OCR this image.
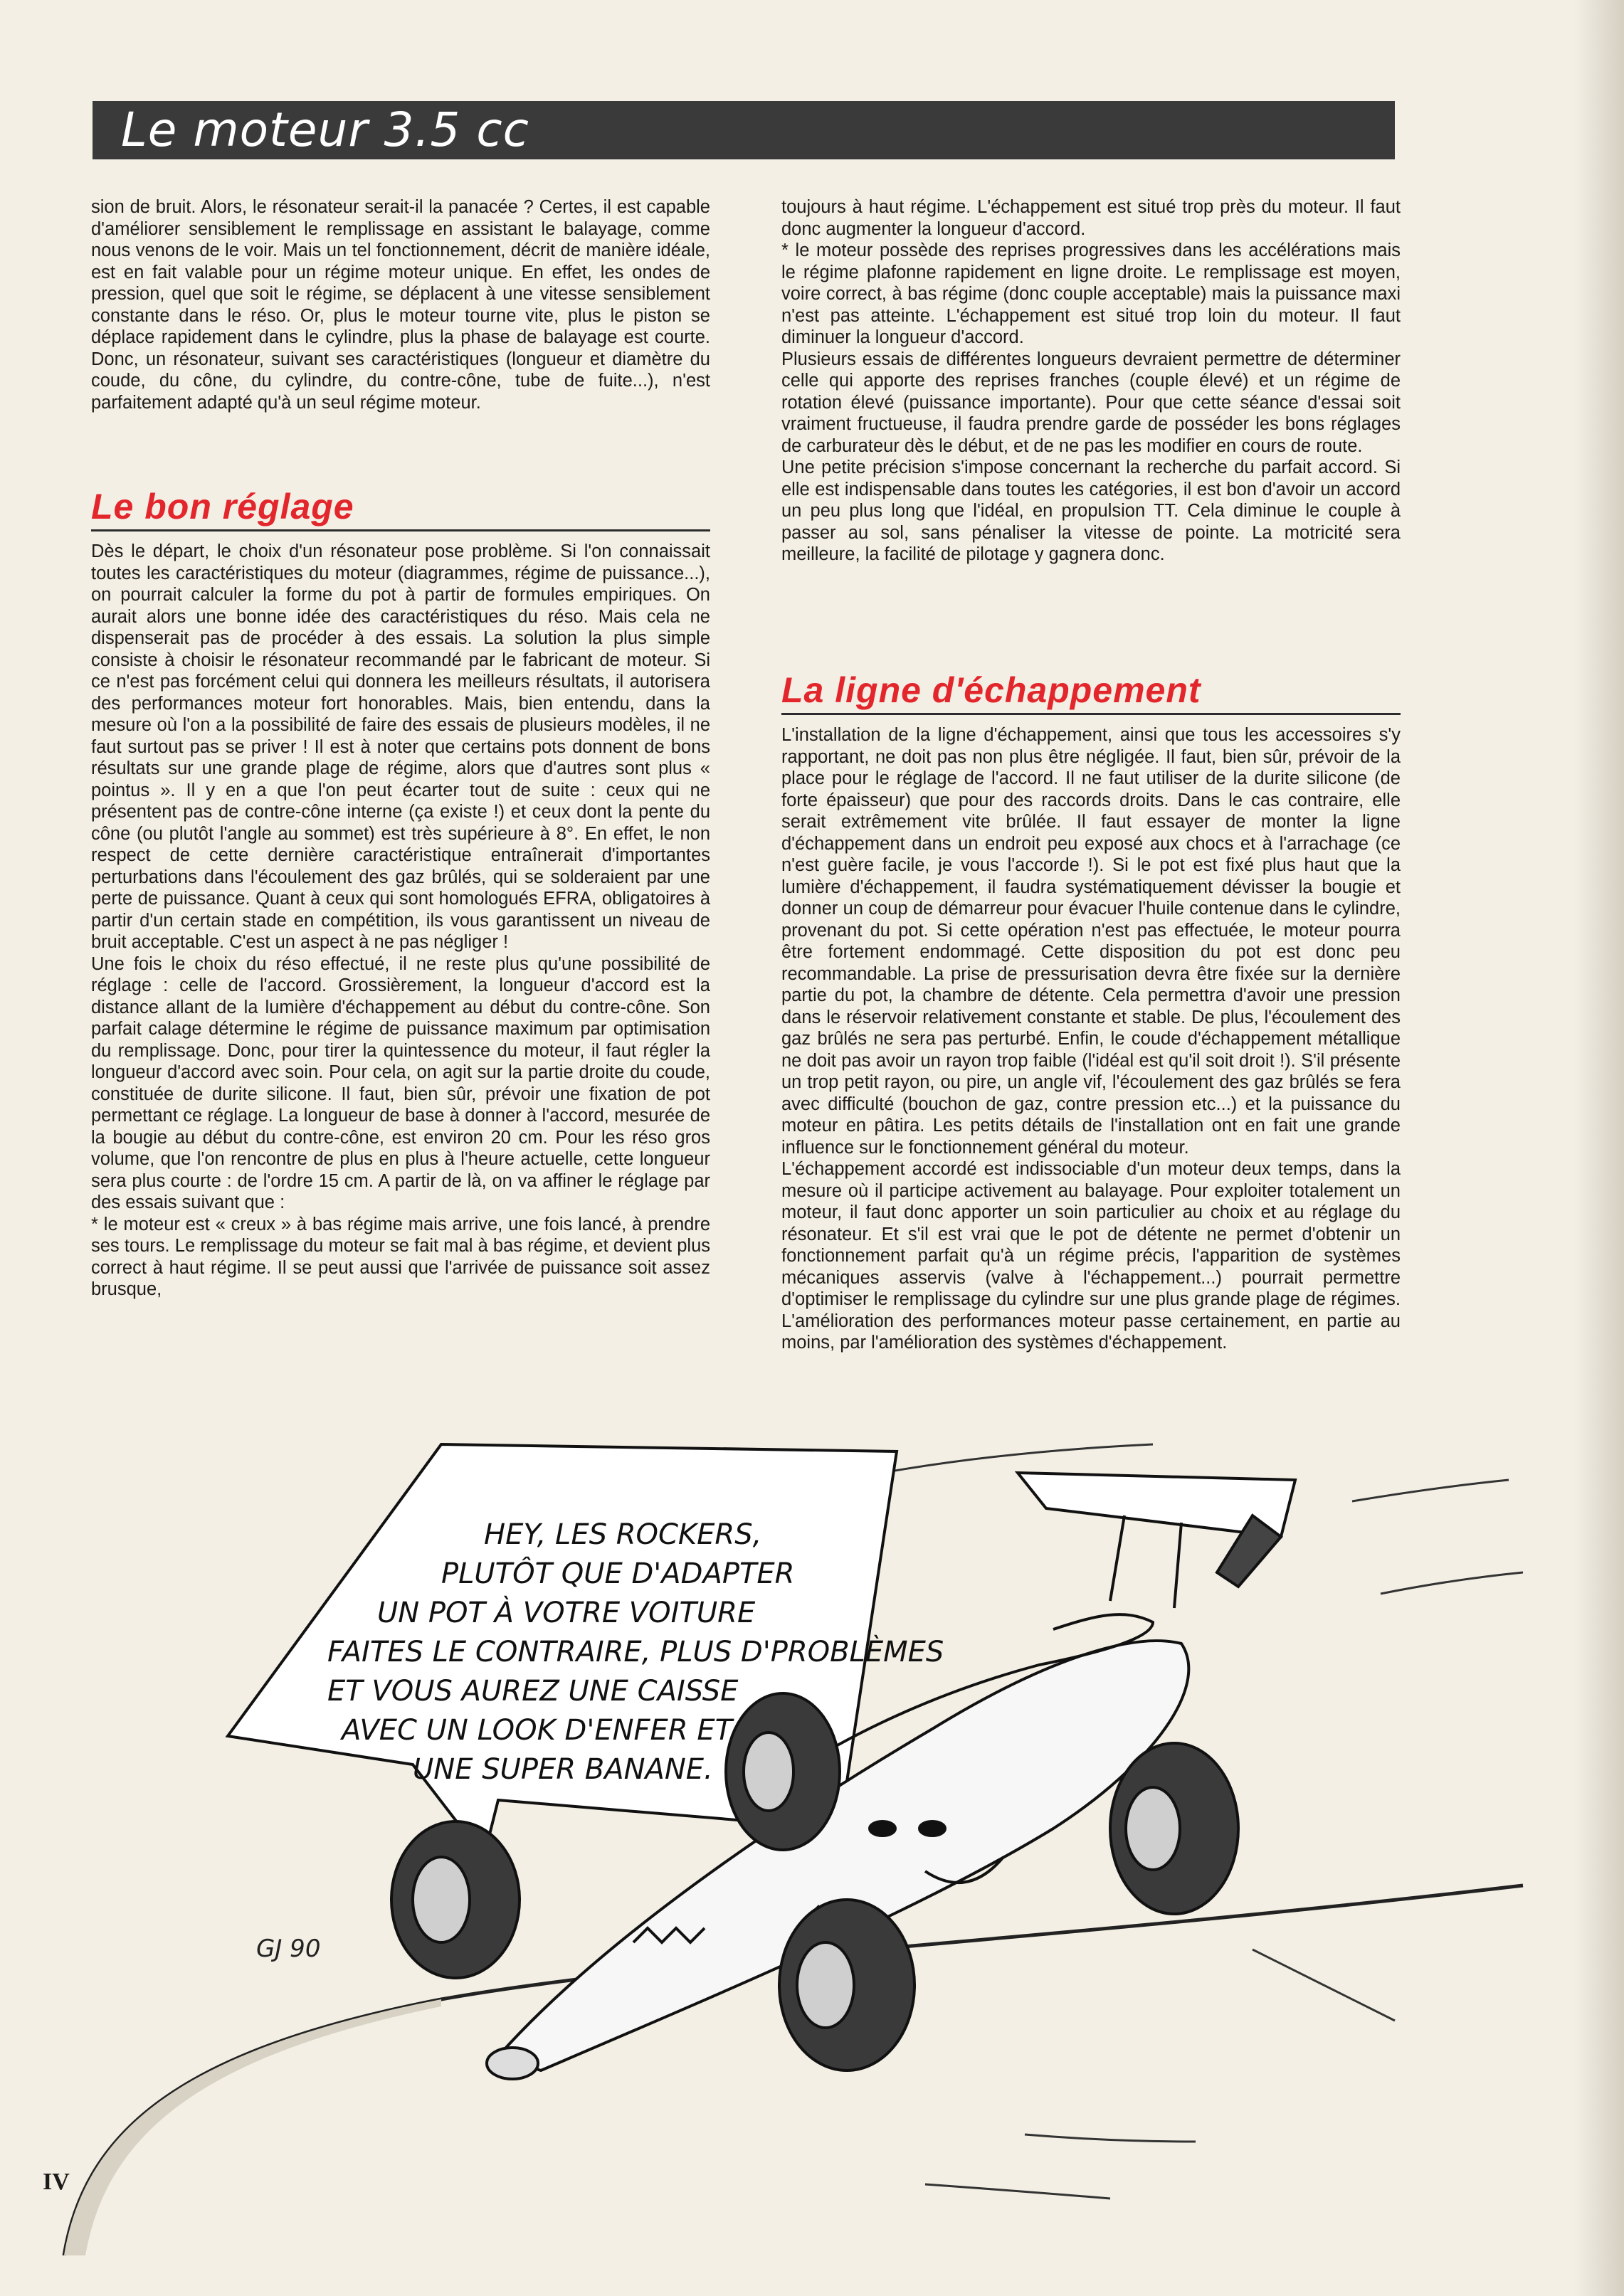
Le moteur 3.5 cc

sion de bruit. Alors, le résonateur serait-il la panacée ? Certes, il est capable d'améliorer sensiblement le remplissage en assistant le balayage, comme nous venons de le voir. Mais un tel fonctionnement, décrit de manière idéale, est en fait valable pour un régime moteur unique. En effet, les ondes de pression, quel que soit le régime, se déplacent à une vitesse sensiblement constante dans le réso. Or, plus le moteur tourne vite, plus le piston se déplace rapidement dans le cylindre, plus la phase de balayage est courte. Donc, un résonateur, suivant ses caractéristiques (longueur et diamètre du coude, du cône, du cylindre, du contre-cône, tube de fuite...), n'est parfaitement adapté qu'à un seul régime moteur.

Le bon réglage

Dès le départ, le choix d'un résonateur pose problème. Si l'on connaissait toutes les caractéristiques du moteur (diagrammes, régime de puissance...), on pourrait calculer la forme du pot à partir de formules empiriques. On aurait alors une bonne idée des caractéristiques du réso. Mais cela ne dispenserait pas de procéder à des essais. La solution la plus simple consiste à choisir le résonateur recommandé par le fabricant de moteur. Si ce n'est pas forcément celui qui donnera les meilleurs résultats, il autorisera des performances moteur fort honorables. Mais, bien entendu, dans la mesure où l'on a la possibilité de faire des essais de plusieurs modèles, il ne faut surtout pas se priver ! Il est à noter que certains pots donnent de bons résultats sur une grande plage de régime, alors que d'autres sont plus « pointus ». Il y en a que l'on peut écarter tout de suite : ceux qui ne présentent pas de contre-cône interne (ça existe !) et ceux dont la pente du cône (ou plutôt l'angle au sommet) est très supérieure à 8°. En effet, le non respect de cette dernière caractéristique entraînerait d'importantes perturbations dans l'écoulement des gaz brûlés, qui se solderaient par une perte de puissance. Quant à ceux qui sont homologués EFRA, obligatoires à partir d'un certain stade en compétition, ils vous garantissent un niveau de bruit acceptable. C'est un aspect à ne pas négliger !

Une fois le choix du réso effectué, il ne reste plus qu'une possibilité de réglage : celle de l'accord. Grossièrement, la longueur d'accord est la distance allant de la lumière d'échappement au début du contre-cône. Son parfait calage détermine le régime de puissance maximum par optimisation du remplissage. Donc, pour tirer la quintessence du moteur, il faut régler la longueur d'accord avec soin. Pour cela, on agit sur la partie droite du coude, constituée de durite silicone. Il faut, bien sûr, prévoir une fixation de pot permettant ce réglage. La longueur de base à donner à l'accord, mesurée de la bougie au début du contre-cône, est environ 20 cm. Pour les réso gros volume, que l'on rencontre de plus en plus à l'heure actuelle, cette longueur sera plus courte : de l'ordre 15 cm. A partir de là, on va affiner le réglage par des essais suivant que :

* le moteur est « creux » à bas régime mais arrive, une fois lancé, à prendre ses tours. Le remplissage du moteur se fait mal à bas régime, et devient plus correct à haut régime. Il se peut aussi que l'arrivée de puissance soit assez brusque,

toujours à haut régime. L'échappement est situé trop près du moteur. Il faut donc augmenter la longueur d'accord.

* le moteur possède des reprises progressives dans les accélérations mais le régime plafonne rapidement en ligne droite. Le remplissage est moyen, voire correct, à bas régime (donc couple acceptable) mais la puissance maxi n'est pas atteinte. L'échappement est situé trop loin du moteur. Il faut diminuer la longueur d'accord.

Plusieurs essais de différentes longueurs devraient permettre de déterminer celle qui apporte des reprises franches (couple élevé) et un régime de rotation élevé (puissance importante). Pour que cette séance d'essai soit vraiment fructueuse, il faudra prendre garde de posséder les bons réglages de carburateur dès le début, et de ne pas les modifier en cours de route.

Une petite précision s'impose concernant la recherche du parfait accord. Si elle est indispensable dans toutes les catégories, il est bon d'avoir un accord un peu plus long que l'idéal, en propulsion TT. Cela diminue le couple à passer au sol, sans pénaliser la vitesse de pointe. La motricité sera meilleure, la facilité de pilotage y gagnera donc.

La ligne d'échappement

L'installation de la ligne d'échappement, ainsi que tous les accessoires s'y rapportant, ne doit pas non plus être négligée. Il faut, bien sûr, prévoir de la place pour le réglage de l'accord. Il ne faut utiliser de la durite silicone (de forte épaisseur) que pour des raccords droits. Dans le cas contraire, elle serait extrêmement vite brûlée. Il faut essayer de monter la ligne d'échappement dans un endroit peu exposé aux chocs et à l'arrachage (ce n'est guère facile, je vous l'accorde !). Si le pot est fixé plus haut que la lumière d'échappement, il faudra systématiquement dévisser la bougie et donner un coup de démarreur pour évacuer l'huile contenue dans le cylindre, provenant du pot. Si cette opération n'est pas effectuée, le moteur pourra être fortement endommagé. Cette disposition du pot est donc peu recommandable. La prise de pressurisation devra être fixée sur la dernière partie du pot, la chambre de détente. Cela permettra d'avoir une pression dans le réservoir relativement constante et stable. De plus, l'écoulement des gaz brûlés ne sera pas perturbé. Enfin, le coude d'échappement métallique ne doit pas avoir un rayon trop faible (l'idéal est qu'il soit droit !). S'il présente un trop petit rayon, ou pire, un angle vif, l'écoulement des gaz brûlés se fera avec difficulté (bouchon de gaz, contre pression etc...) et la puissance du moteur en pâtira. Les petits détails de l'installation ont en fait une grande influence sur le fonctionnement général du moteur.

L'échappement accordé est indissociable d'un moteur deux temps, dans la mesure où il participe activement au balayage. Pour exploiter totalement un moteur, il faut donc apporter un soin particulier au choix et au réglage du résonateur. Et s'il est vrai que le pot de détente ne permet d'obtenir un fonctionnement parfait qu'à un régime précis, l'apparition de systèmes mécaniques asservis (valve à l'échappement...) pourrait permettre d'optimiser le remplissage du cylindre sur une plus grande plage de régimes. L'amélioration des performances moteur passe certainement, en partie au moins, par l'amélioration des systèmes d'échappement.

HEY, LES ROCKERS,
PLUTÔT QUE D'ADAPTER
UN POT À VOTRE VOITURE
FAITES LE CONTRAIRE, PLUS D'PROBLÈMES
ET VOUS AUREZ UNE CAISSE
AVEC UN LOOK D'ENFER ET
UNE SUPER BANANE.
GJ 90
IV
